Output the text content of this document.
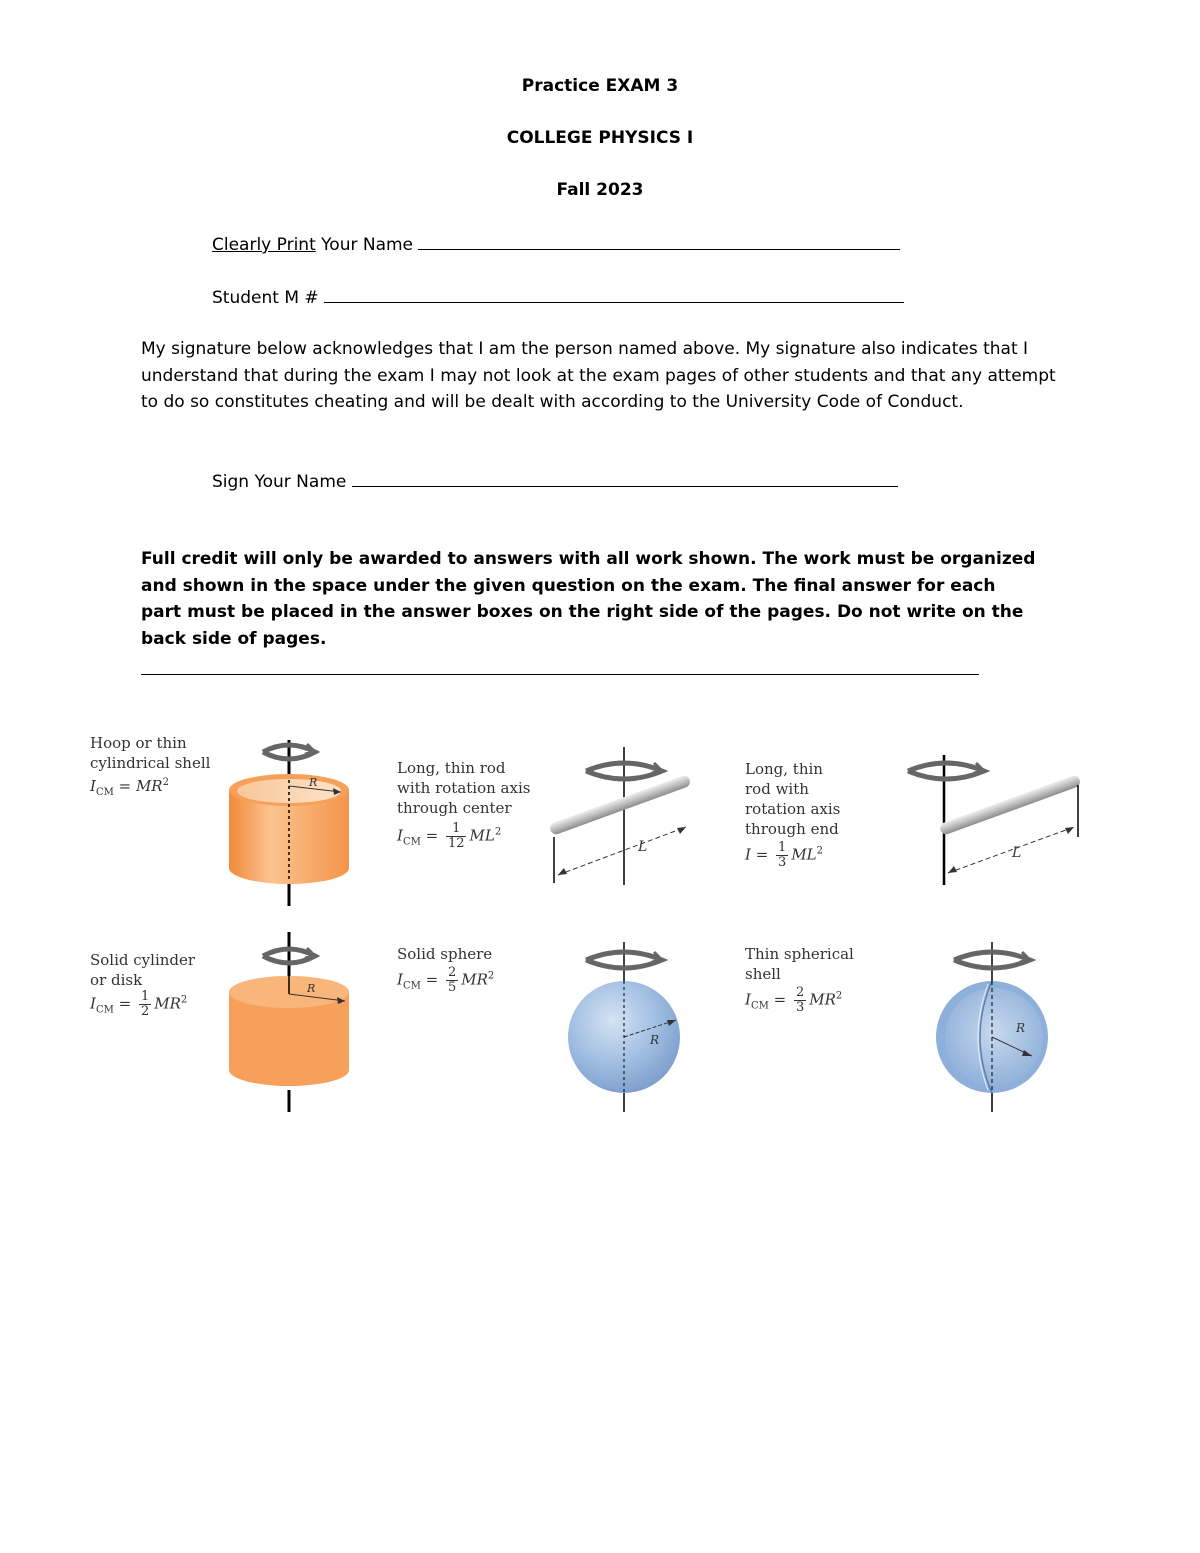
Practice EXAM 3
COLLEGE PHYSICS I
Fall 2023
Clearly Print Your Name
Student M #
My signature below acknowledges that I am the person named above. My signature also indicates that I understand that during the exam I may not look at the exam pages of other students and that any attempt to do so constitutes cheating and will be dealt with according to the University Code of Conduct.
Sign Your Name
Full credit will only be awarded to answers with all work shown. The work must be organized and shown in the space under the given question on the exam. The final answer for each part must be placed in the answer boxes on the right side of the pages. Do not write on the back side of pages.
Hoop or thin
cylindrical shell
$I_{CM} = MR^2$	R
Long, thin rod
with rotation axis
through center
$I_{CM} = \frac{1}{12} ML^2$
L
Long, thin
rod with
rotation axis
through end
$I = \frac{1}{3} ML^2$	L
Solid cylinder
or disk
$I_{CM} = \frac{1}{2} MR^2$
R
Solid sphere
$I_{CM} = \frac{2}{5} MR^2$
R
Thin spherical
shell
$I_{CM} = \frac{2}{3} MR^2$
R
